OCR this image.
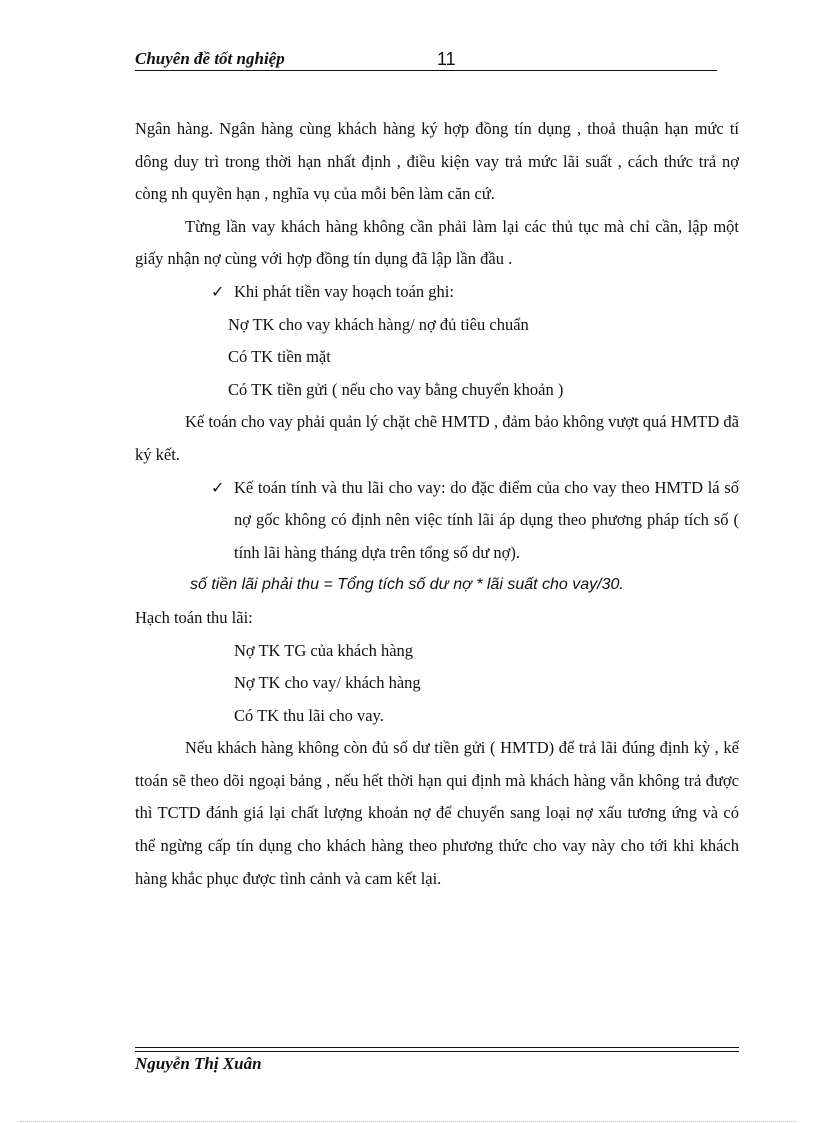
Chuyên đề tốt nghiệp	11

Ngân hàng. Ngân hàng cùng khách hàng ký hợp đồng tín dụng , thoả thuận hạn mức tí dông duy trì trong thời hạn nhất định , điều kiện vay trả mức lãi suất , cách thức trả nợ còng nh quyền hạn , nghĩa vụ của mỗi bên làm căn cứ.

Từng lần vay khách hàng không cần phải làm lại các thủ tục mà chỉ cần, lập một giấy nhận nợ cùng với hợp đồng tín dụng đã lập lần đầu .

✓ Khi phát tiền vay hoạch toán ghi:

Nợ TK cho vay khách hàng/ nợ đủ tiêu chuẩn

Có TK tiền mặt

Có TK tiền gửi ( nếu cho vay bằng chuyển khoản )

Kế toán cho vay phải quản lý chặt chẽ HMTD , đảm bảo không vượt quá HMTD đã ký kết.

✓ Kế toán tính và thu lãi cho vay: do đặc điểm của cho vay theo HMTD lá số nợ gốc không có định nên việc tính lãi áp dụng theo phương pháp tích số ( tính lãi hàng tháng dựa trên tổng số dư nợ).

số tiền lãi phải thu = Tổng tích số dư nợ * lãi suất cho vay/30.

Hạch toán thu lãi:

Nợ TK TG của khách hàng

Nợ TK cho vay/ khách hàng

Có TK thu lãi cho vay.

Nếu khách hàng không còn đủ số dư tiền gửi ( HMTD) để trả lãi đúng định kỳ , kế ttoán sẽ theo dõi ngoại bảng , nếu hết thời hạn qui định mà khách hàng vẫn không trả được thì TCTD đánh giá lại chất lượng khoản nợ để chuyển sang loại nợ xấu tương ứng và có thể ngừng cấp tín dụng cho khách hàng theo phương thức cho vay này cho tới khi khách hàng khắc phục được tình cảnh và cam kết lại.

Nguyễn Thị Xuân
